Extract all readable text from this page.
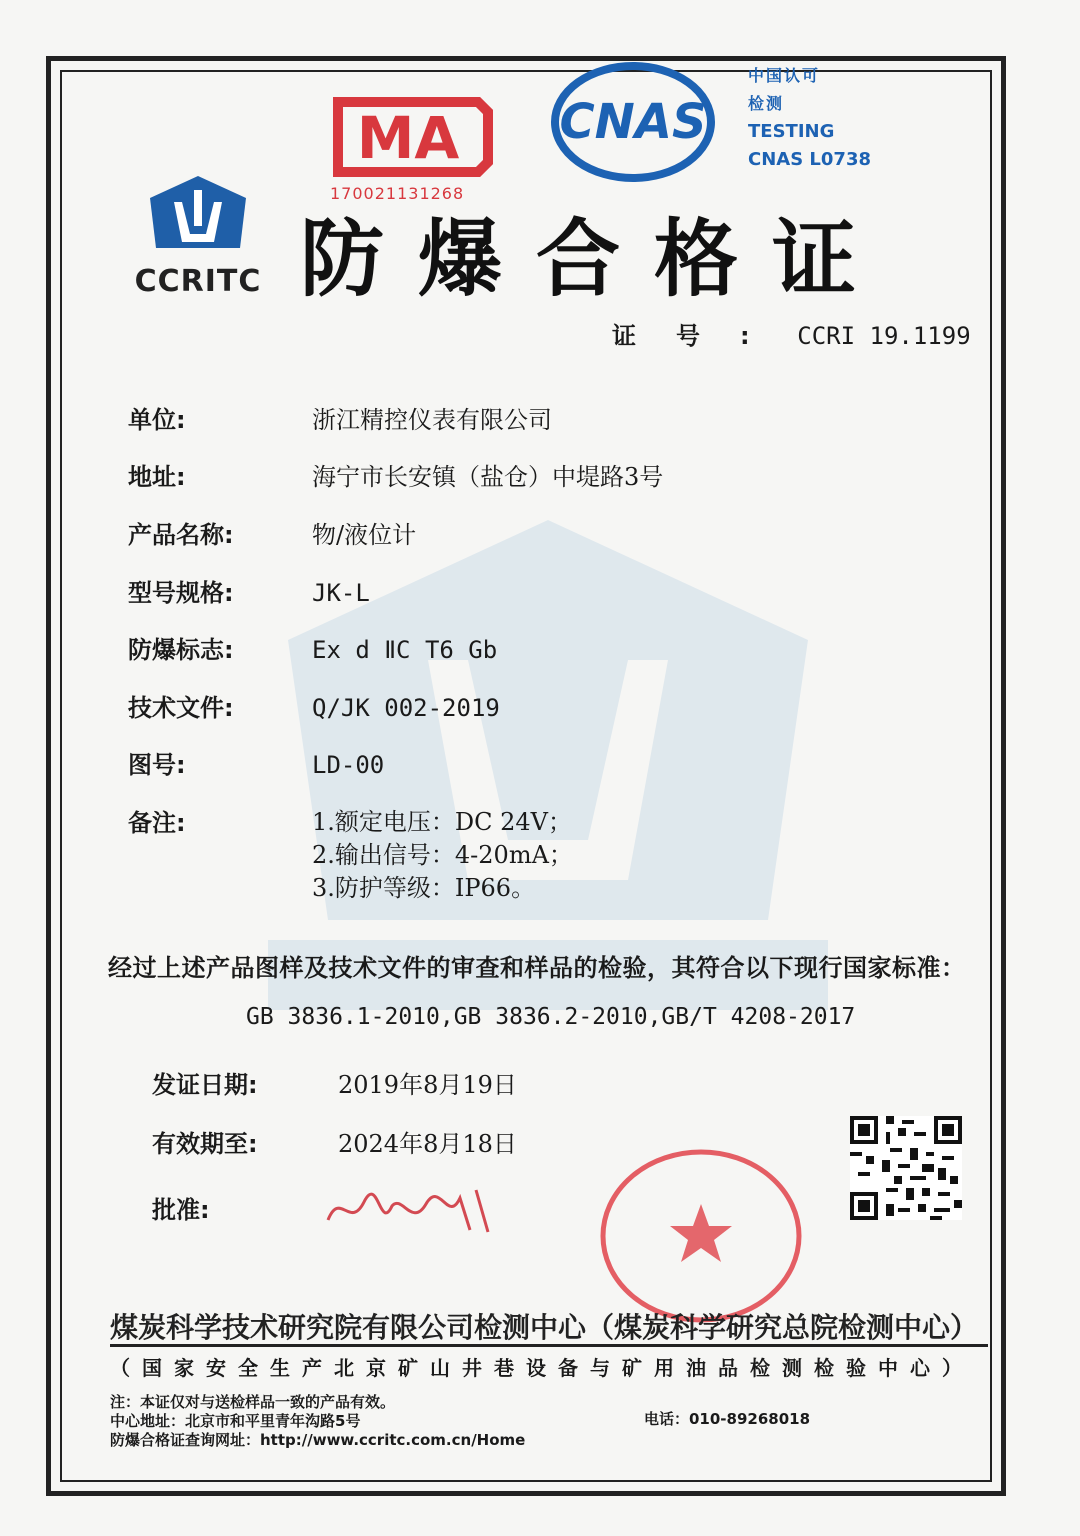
CCRITC
MA
170021131268
CNAS
中国认可
检测
TESTING
CNAS L0738
防爆合格证
证号: CCRI 19.1199
单位:	浙江精控仪表有限公司
地址:	海宁市长安镇（盐仓）中堤路3号
产品名称:	物/液位计
型号规格:	JK-L
防爆标志:	Ex d ⅡC T6 Gb
技术文件:	Q/JK 002-2019
图号:	LD-00
备注:	1.额定电压：DC 24V；
2.输出信号：4-20mA；
3.防护等级：IP66。
经过上述产品图样及技术文件的审查和样品的检验，其符合以下现行国家标准：
GB 3836.1-2010,GB 3836.2-2010,GB/T 4208-2017
发证日期:	2019年8月19日
有效期至:	2024年8月18日
批准:
煤炭科学技术研究院有限公司检测中心（煤炭科学研究总院检测中心）
（国家安全生产北京矿山井巷设备与矿用油品检测检验中心）
注：本证仅对与送检样品一致的产品有效。
中心地址：北京市和平里青年沟路5号
防爆合格证查询网址：http://www.ccritc.com.cn/Home
电话：010-89268018
